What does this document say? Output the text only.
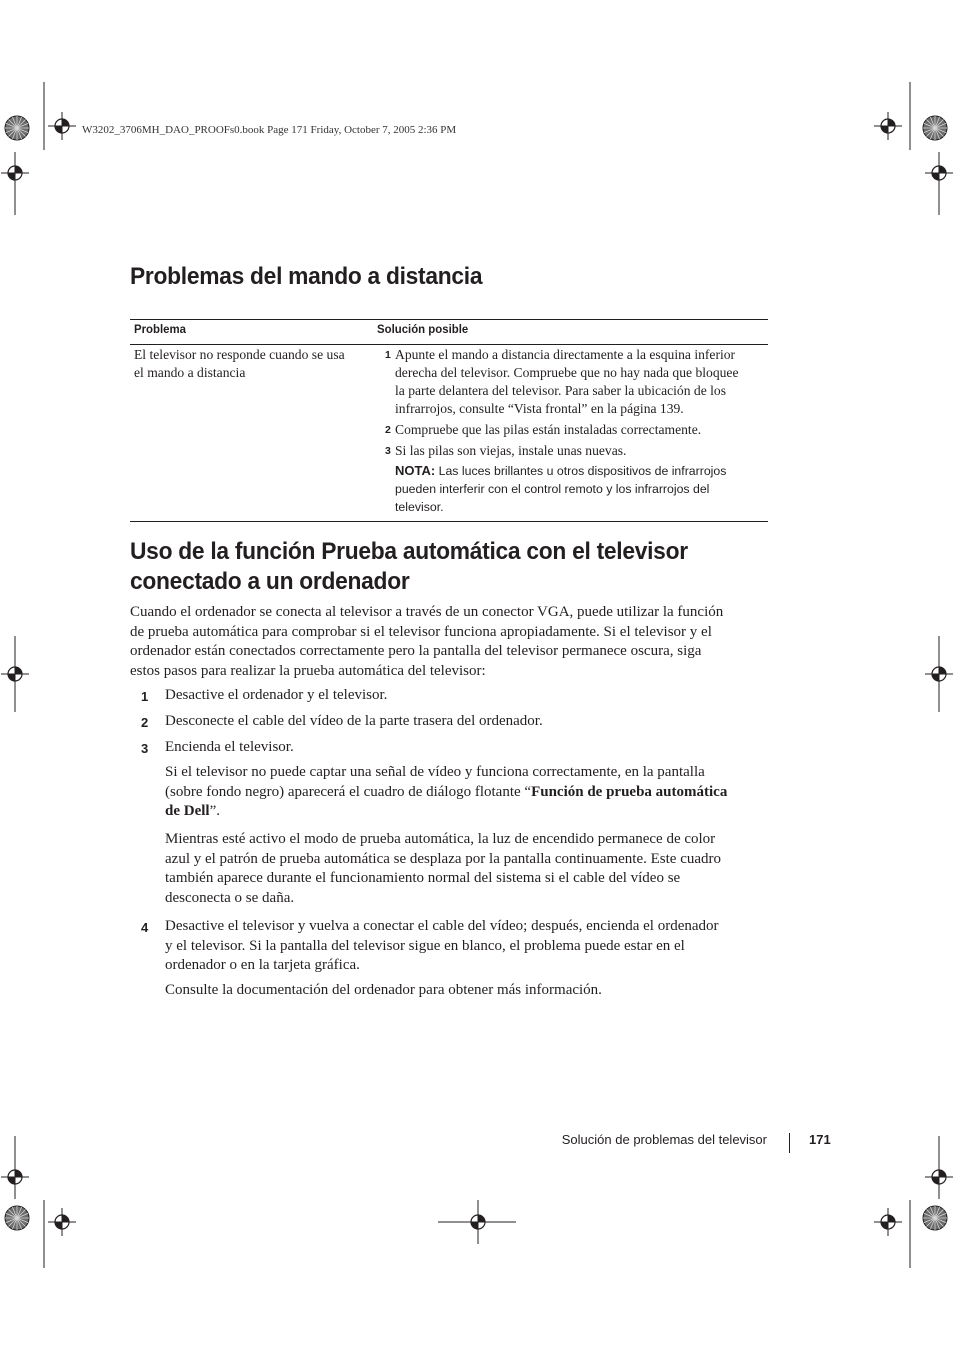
W3202_3706MH_DAO_PROOFs0.book Page 171 Friday, October 7, 2005 2:36 PM
Problemas del mando a distancia
Problema	Solución posible
El televisor no responde cuando se usa
el mando a distancia
1 Apunte el mando a distancia directamente a la esquina inferior
derecha del televisor. Compruebe que no hay nada que bloquee
la parte delantera del televisor. Para saber la ubicación de los
infrarrojos, consulte “Vista frontal” en la página 139.
2 Compruebe que las pilas están instaladas correctamente.
3 Si las pilas son viejas, instale unas nuevas.
NOTA: Las luces brillantes u otros dispositivos de infrarrojos
pueden interferir con el control remoto y los infrarrojos del
televisor.
Uso de la función Prueba automática con el televisor
conectado a un ordenador
Cuando el ordenador se conecta al televisor a través de un conector VGA, puede utilizar la función
de prueba automática para comprobar si el televisor funciona apropiadamente. Si el televisor y el
ordenador están conectados correctamente pero la pantalla del televisor permanece oscura, siga
estos pasos para realizar la prueba automática del televisor:
1 Desactive el ordenador y el televisor.
2 Desconecte el cable del vídeo de la parte trasera del ordenador.
3 Encienda el televisor.
Si el televisor no puede captar una señal de vídeo y funciona correctamente, en la pantalla
(sobre fondo negro) aparecerá el cuadro de diálogo flotante “Función de prueba automática
de Dell”.
Mientras esté activo el modo de prueba automática, la luz de encendido permanece de color
azul y el patrón de prueba automática se desplaza por la pantalla continuamente. Este cuadro
también aparece durante el funcionamiento normal del sistema si el cable del vídeo se
desconecta o se daña.
4 Desactive el televisor y vuelva a conectar el cable del vídeo; después, encienda el ordenador
y el televisor. Si la pantalla del televisor sigue en blanco, el problema puede estar en el
ordenador o en la tarjeta gráfica.
Consulte la documentación del ordenador para obtener más información.
Solución de problemas del televisor	171
